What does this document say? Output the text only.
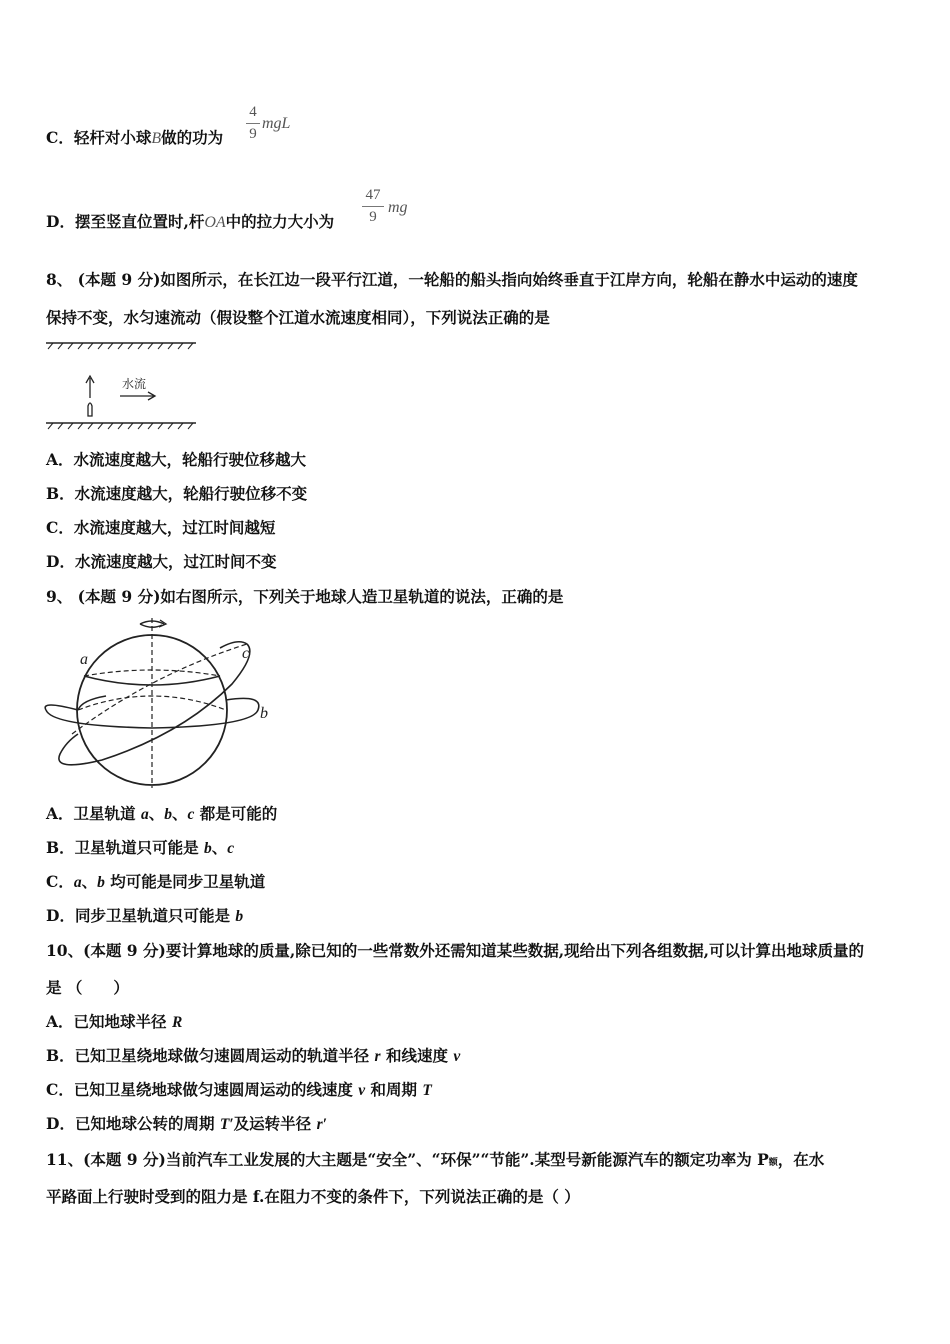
C．轻杆对小球B做的功为
4
9
mgL
D．摆至竖直位置时,杆OA中的拉力大小为
47
9
mg
8、 (本题 9 分)如图所示，在长江边一段平行江道，一轮船的船头指向始终垂直于江岸方向，轮船在静水中运动的速度
保持不变，水匀速流动（假设整个江道水流速度相同），下列说法正确的是
水流
A．水流速度越大，轮船行驶位移越大
B．水流速度越大，轮船行驶位移不变
C．水流速度越大，过江时间越短
D．水流速度越大，过江时间不变
9、 (本题 9 分)如右图所示，下列关于地球人造卫星轨道的说法，正确的是
a	c
b
A．卫星轨道 a、b、c 都是可能的
B．卫星轨道只可能是 b、c
C．a、b 均可能是同步卫星轨道
D．同步卫星轨道只可能是 b
10、(本题 9 分)要计算地球的质量,除已知的一些常数外还需知道某些数据,现给出下列各组数据,可以计算出地球质量的
是 （　　）
A．已知地球半径 R
B．已知卫星绕地球做匀速圆周运动的轨道半径 r 和线速度 v
C．已知卫星绕地球做匀速圆周运动的线速度 v 和周期 T
D．已知地球公转的周期 T′及运转半径 r′
11、(本题 9 分)当前汽车工业发展的大主题是“安全”、“环保”“节能”.某型号新能源汽车的额定功率为 P额，在水
平路面上行驶时受到的阻力是 f.在阻力不变的条件下，下列说法正确的是（ ）
